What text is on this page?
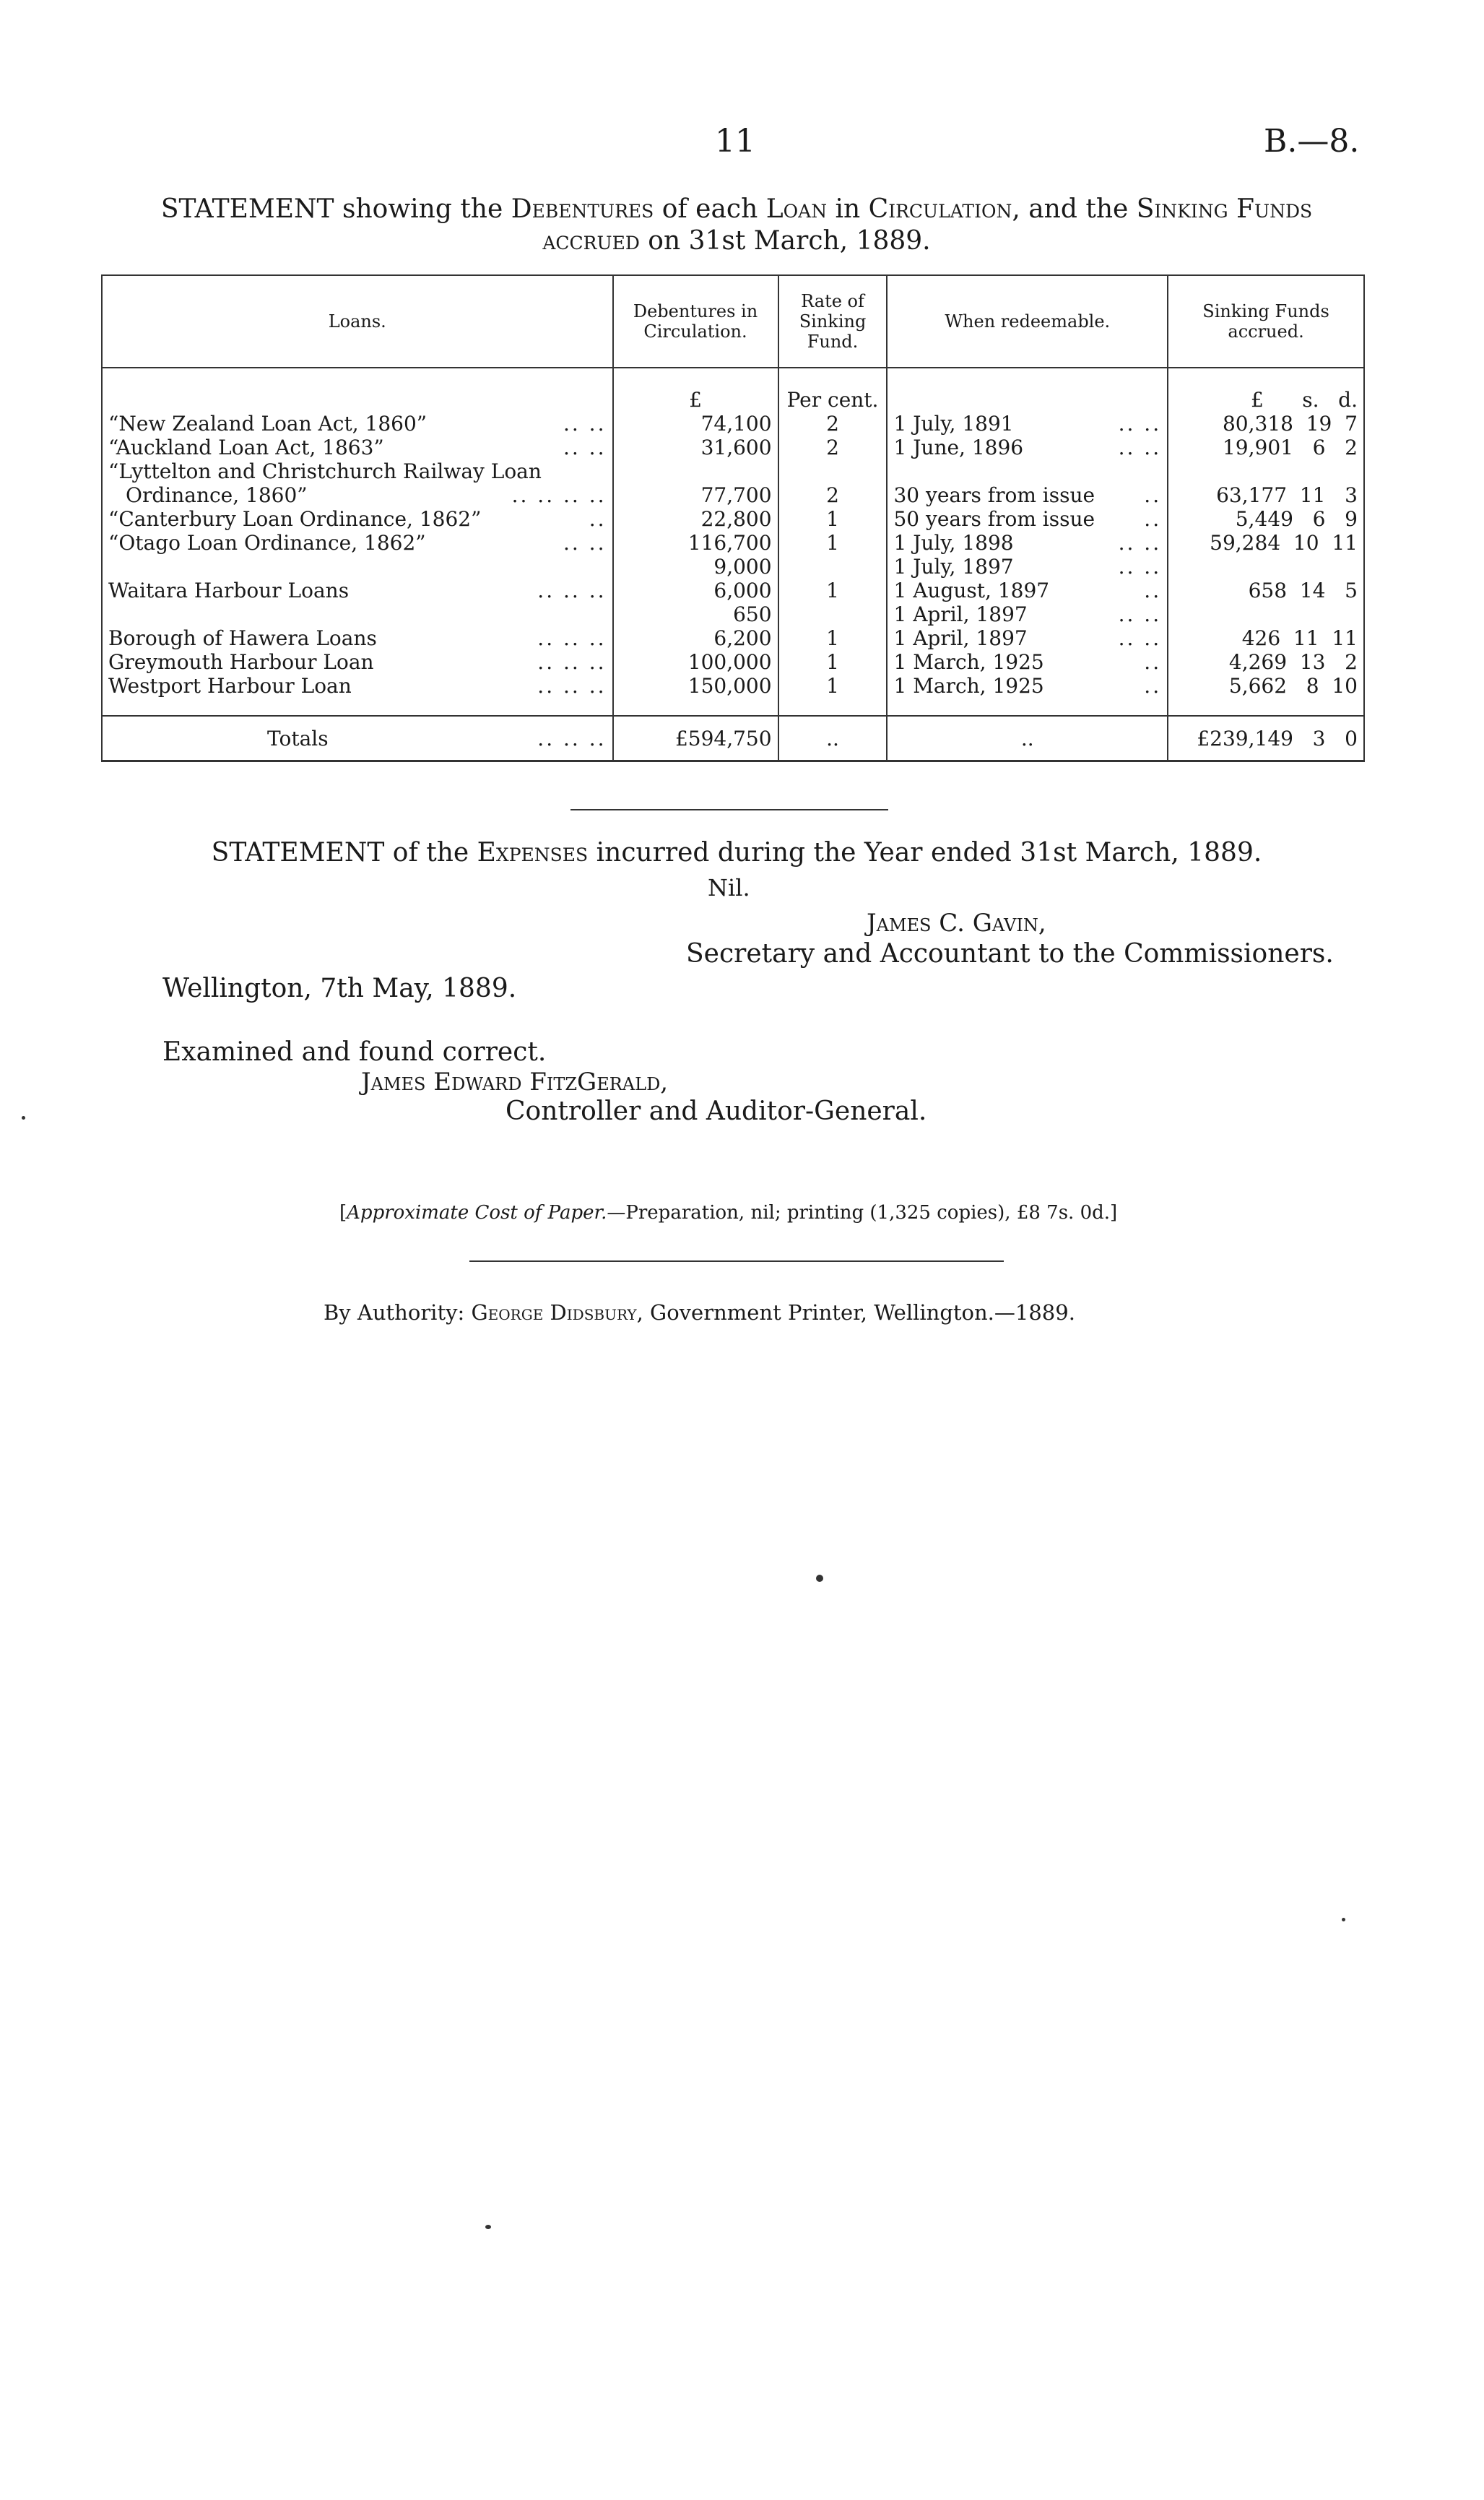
11	B.—8.
STATEMENT showing the Debentures of each Loan in Circulation, and the Sinking Funds
accrued on 31st March, 1889.
Loans.	Debentures in Circulation.	Rate of Sinking Fund.	When redeemable.	Sinking Funds accrued.

	£	Per cent.		£      s.   d.
“New Zealand Loan Act, 1860” .. ..	74,100	2	1 July, 1891 .. ..	80,318  19  7
“Auckland Loan Act, 1863” .. ..	31,600	2	1 June, 1896 .. ..	19,901   6   2
“Lyttelton and Christchurch Railway Loan				
Ordinance, 1860” .. .. .. ..	77,700	2	30 years from issue ..	63,177  11   3
“Canterbury Loan Ordinance, 1862” ..	22,800	1	50 years from issue ..	5,449   6   9
“Otago Loan Ordinance, 1862” .. ..	116,700	1	1 July, 1898 .. ..	59,284  10  11
	9,000		1 July, 1897 .. ..	

Waitara Harbour Loans .. .. ..	6,000	1	1 August, 1897 ..	658  14   5
	650		1 April, 1897 .. ..	

Borough of Hawera Loans .. .. ..	6,200	1	1 April, 1897 .. ..	426  11  11
Greymouth Harbour Loan .. .. ..	100,000	1	1 March, 1925 ..	4,269  13   2
Westport Harbour Loan .. .. ..	150,000	1	1 March, 1925 ..	5,662   8  10

Totals .. .. ..	£594,750	..	..	£239,149   3   0
STATEMENT of the Expenses incurred during the Year ended 31st March, 1889.
Nil.
James C. Gavin,
Secretary and Accountant to the Commissioners.
Wellington, 7th May, 1889.
Examined and found correct.
James Edward FitzGerald,
Controller and Auditor-General.
[Approximate Cost of Paper.—Preparation, nil; printing (1,325 copies), £8 7s. 0d.]
By Authority: George Didsbury, Government Printer, Wellington.—1889.
